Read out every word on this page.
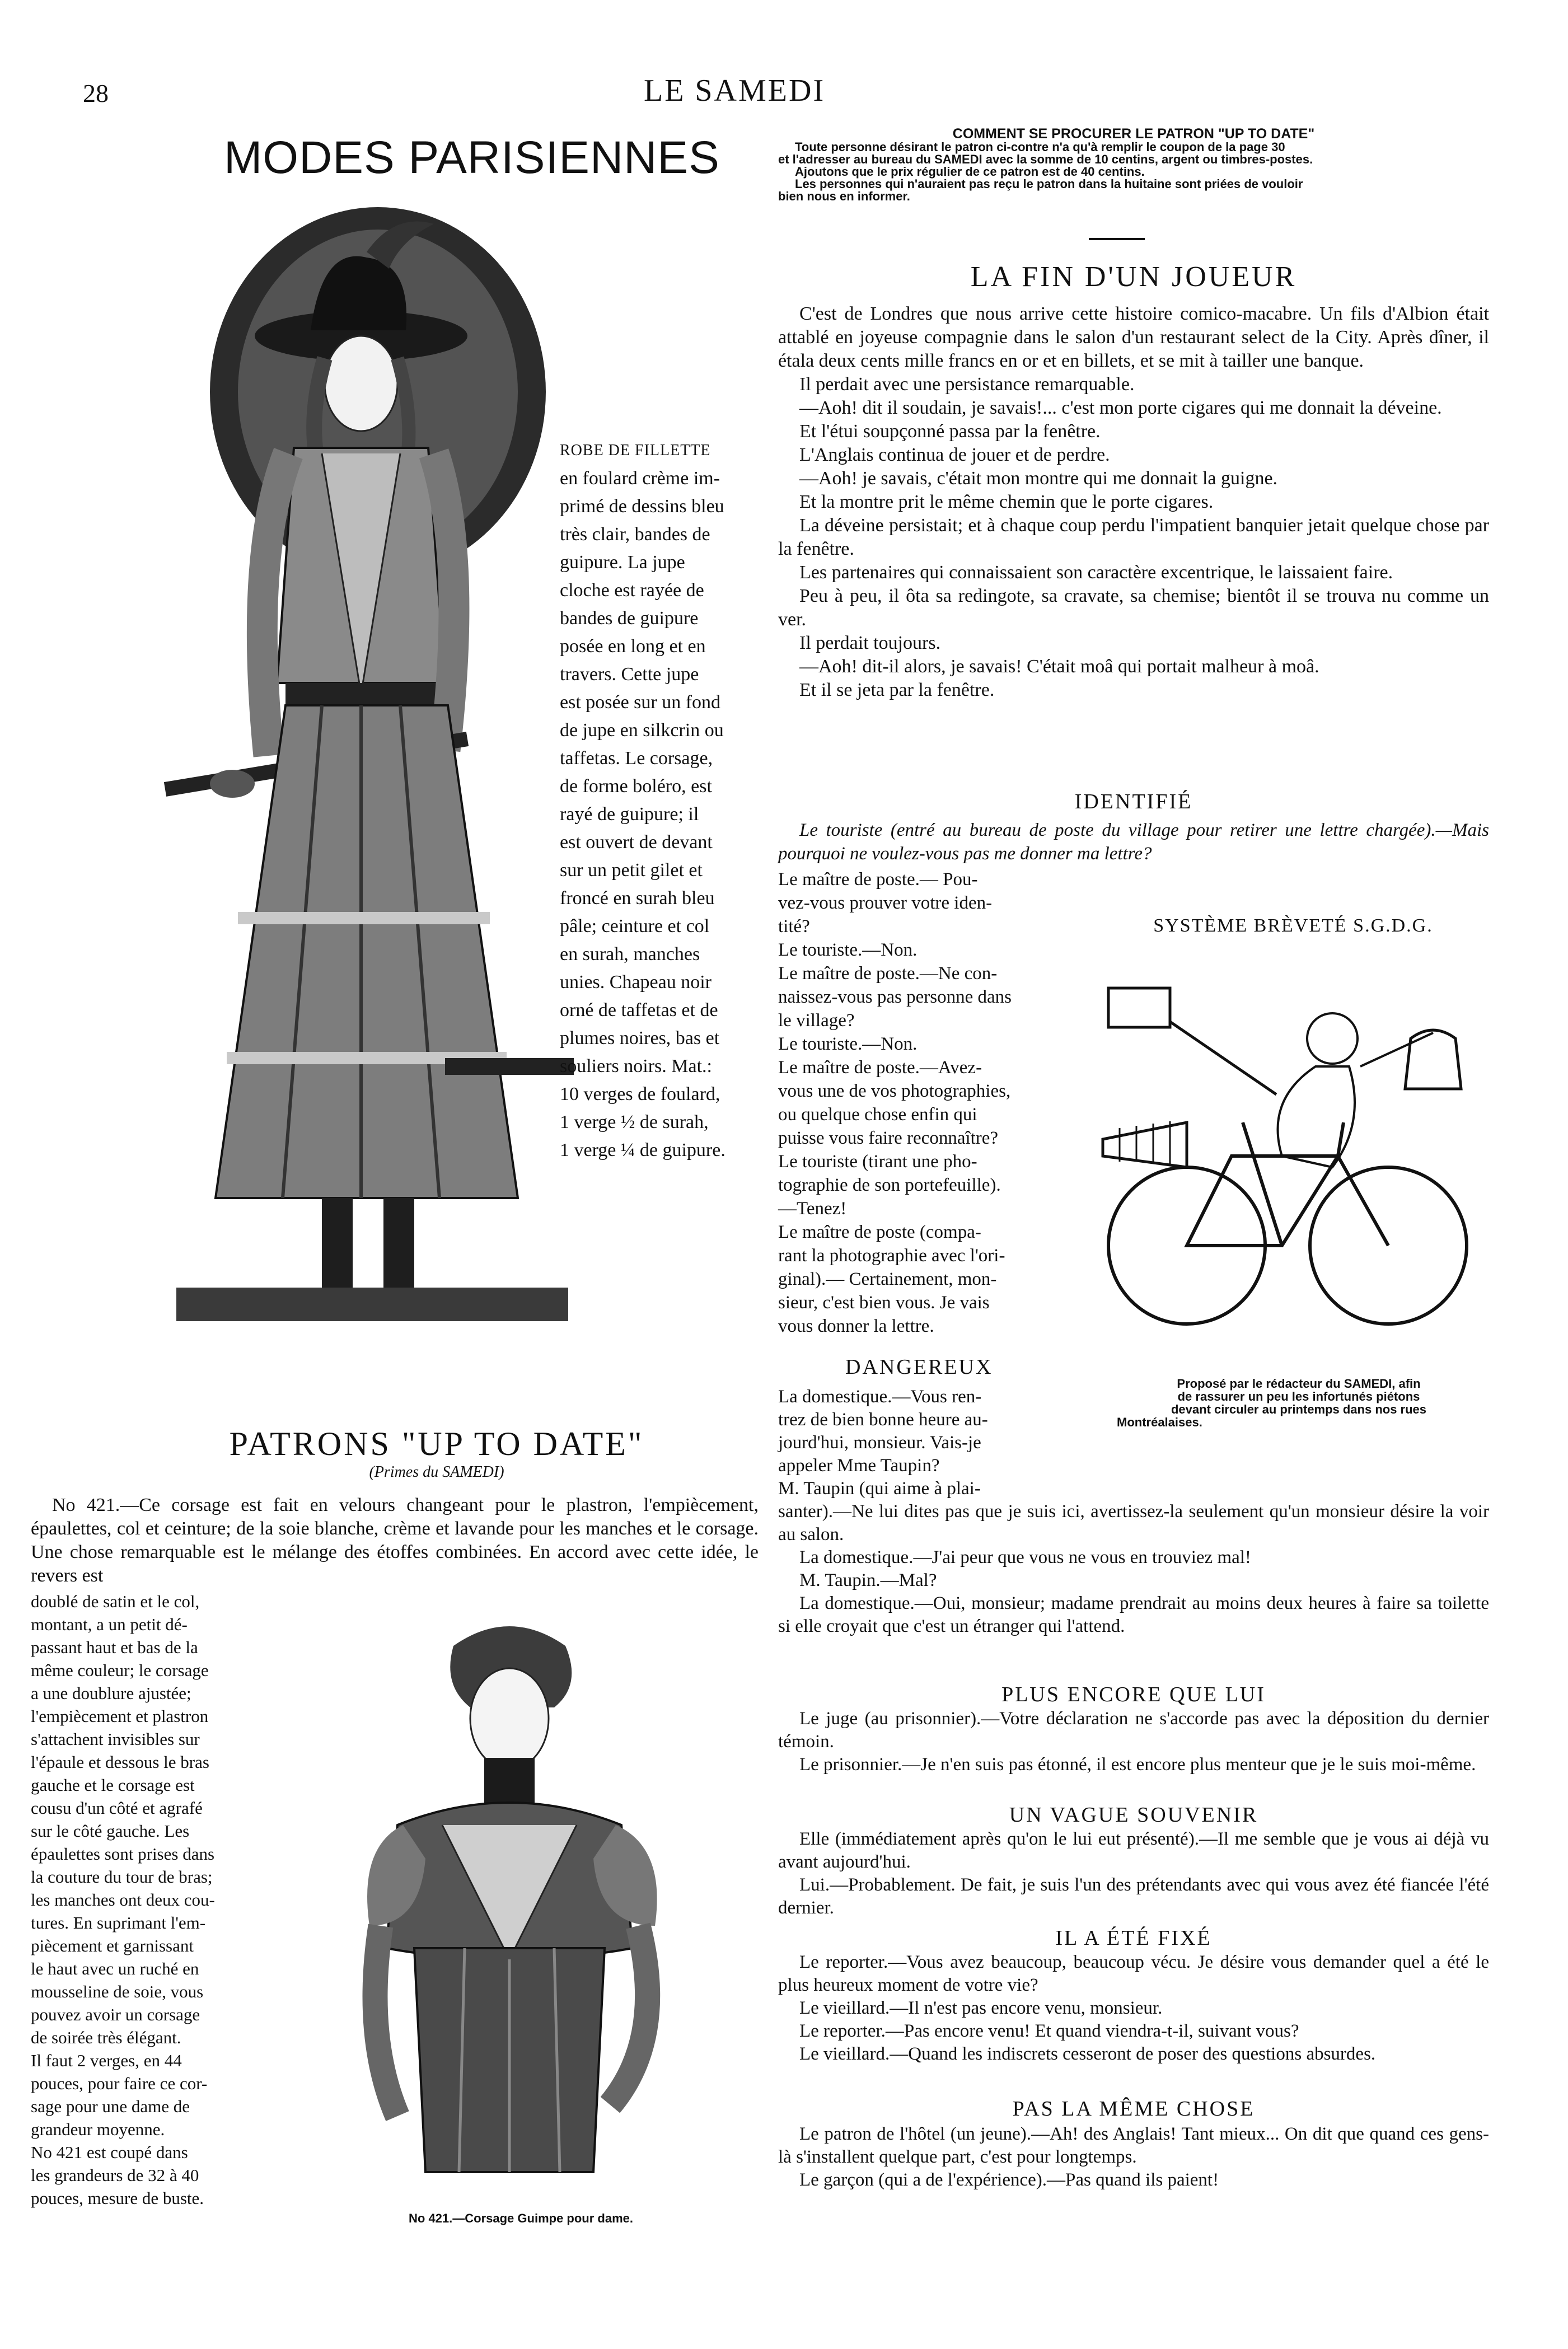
28	LE SAMEDI
MODES PARISIENNES
ROBE DE FILLETTE
en foulard crème im-
primé de dessins bleu
très clair, bandes de
guipure. La jupe
cloche est rayée de
bandes de guipure
posée en long et en
travers. Cette jupe
est posée sur un fond
de jupe en silkcrin ou
taffetas. Le corsage,
de forme boléro, est
rayé de guipure; il
est ouvert de devant
sur un petit gilet et
froncé en surah bleu
pâle; ceinture et col
en surah, manches
unies. Chapeau noir
orné de taffetas et de
plumes noires, bas et
souliers noirs. Mat.:
10 verges de foulard,
1 verge ½ de surah,
1 verge ¼ de guipure.
PATRONS "UP TO DATE"
(Primes du SAMEDI)

No 421.—Ce corsage est fait en velours changeant pour le plastron, l'empiècement, épaulettes, col et ceinture; de la soie blanche, crème et lavande pour les manches et le corsage. Une chose remarquable est le mélange des étoffes combinées. En accord avec cette idée, le revers est

doublé de satin et le col,
montant, a un petit dé-
passant haut et bas de la
même couleur; le corsage
a une doublure ajustée;
l'empiècement et plastron
s'attachent invisibles sur
l'épaule et dessous le bras
gauche et le corsage est
cousu d'un côté et agrafé
sur le côté gauche. Les
épaulettes sont prises dans
la couture du tour de bras;
les manches ont deux cou-
tures. En suprimant l'em-
piècement et garnissant
le haut avec un ruché en
mousseline de soie, vous
pouvez avoir un corsage
de soirée très élégant.
Il faut 2 verges, en 44
pouces, pour faire ce cor-
sage pour une dame de
grandeur moyenne.
No 421 est coupé dans
les grandeurs de 32 à 40
pouces, mesure de buste.
No 421.—Corsage Guimpe pour dame.
COMMENT SE PROCURER LE PATRON "UP TO DATE"
Toute personne désirant le patron ci-contre n'a qu'à remplir le coupon de la page 30
et l'adresser au bureau du SAMEDI avec la somme de 10 centins, argent ou timbres-postes.
Ajoutons que le prix régulier de ce patron est de 40 centins.
Les personnes qui n'auraient pas reçu le patron dans la huitaine sont priées de vouloir
bien nous en informer.
LA FIN D'UN JOUEUR

C'est de Londres que nous arrive cette histoire comico-macabre. Un fils d'Albion était attablé en joyeuse compagnie dans le salon d'un restaurant select de la City. Après dîner, il étala deux cents mille francs en or et en billets, et se mit à tailler une banque.

Il perdait avec une persistance remarquable.

—Aoh! dit il soudain, je savais!... c'est mon porte cigares qui me donnait la déveine.

Et l'étui soupçonné passa par la fenêtre.

L'Anglais continua de jouer et de perdre.

—Aoh! je savais, c'était mon montre qui me donnait la guigne.

Et la montre prit le même chemin que le porte cigares.

La déveine persistait; et à chaque coup perdu l'impatient banquier jetait quelque chose par la fenêtre.

Les partenaires qui connaissaient son caractère excentrique, le laissaient faire.

Peu à peu, il ôta sa redingote, sa cravate, sa chemise; bientôt il se trouva nu comme un ver.

Il perdait toujours.

—Aoh! dit-il alors, je savais! C'était moâ qui portait malheur à moâ.

Et il se jeta par la fenêtre.

IDENTIFIÉ

Le touriste (entré au bureau de poste du village pour retirer une lettre chargée).—Mais pourquoi ne voulez-vous pas me donner ma lettre?

Le maître de poste.— Pou-
vez-vous prouver votre iden-
tité?
Le touriste.—Non.
Le maître de poste.—Ne con-
naissez-vous pas personne dans
le village?
Le touriste.—Non.
Le maître de poste.—Avez-
vous une de vos photographies,
ou quelque chose enfin qui
puisse vous faire reconnaître?
Le touriste (tirant une pho-
tographie de son portefeuille).
—Tenez!
Le maître de poste (compa-
rant la photographie avec l'ori-
ginal).— Certainement, mon-
sieur, c'est bien vous. Je vais
vous donner la lettre.
SYSTÈME BRÈVETÉ S.G.D.G.
Proposé par le rédacteur du SAMEDI, afin
de rassurer un peu les infortunés piétons
devant circuler au printemps dans nos rues
Montréalaises.
DANGEREUX
La domestique.—Vous ren-
trez de bien bonne heure au-
jourd'hui, monsieur. Vais-je
appeler Mme Taupin?
M. Taupin (qui aime à plai-

santer).—Ne lui dites pas que je suis ici, avertissez-la seulement qu'un monsieur désire la voir au salon.

La domestique.—J'ai peur que vous ne vous en trouviez mal!

M. Taupin.—Mal?

La domestique.—Oui, monsieur; madame prendrait au moins deux heures à faire sa toilette si elle croyait que c'est un étranger qui l'attend.

PLUS ENCORE QUE LUI

Le juge (au prisonnier).—Votre déclaration ne s'accorde pas avec la déposition du dernier témoin.

Le prisonnier.—Je n'en suis pas étonné, il est encore plus menteur que je le suis moi-même.

UN VAGUE SOUVENIR

Elle (immédiatement après qu'on le lui eut présenté).—Il me semble que je vous ai déjà vu avant aujourd'hui.

Lui.—Probablement. De fait, je suis l'un des prétendants avec qui vous avez été fiancée l'été dernier.

IL A ÉTÉ FIXÉ

Le reporter.—Vous avez beaucoup, beaucoup vécu. Je désire vous demander quel a été le plus heureux moment de votre vie?

Le vieillard.—Il n'est pas encore venu, monsieur.

Le reporter.—Pas encore venu! Et quand viendra-t-il, suivant vous?

Le vieillard.—Quand les indiscrets cesseront de poser des questions absurdes.

PAS LA MÊME CHOSE

Le patron de l'hôtel (un jeune).—Ah! des Anglais! Tant mieux... On dit que quand ces gens-là s'installent quelque part, c'est pour longtemps.

Le garçon (qui a de l'expérience).—Pas quand ils paient!
